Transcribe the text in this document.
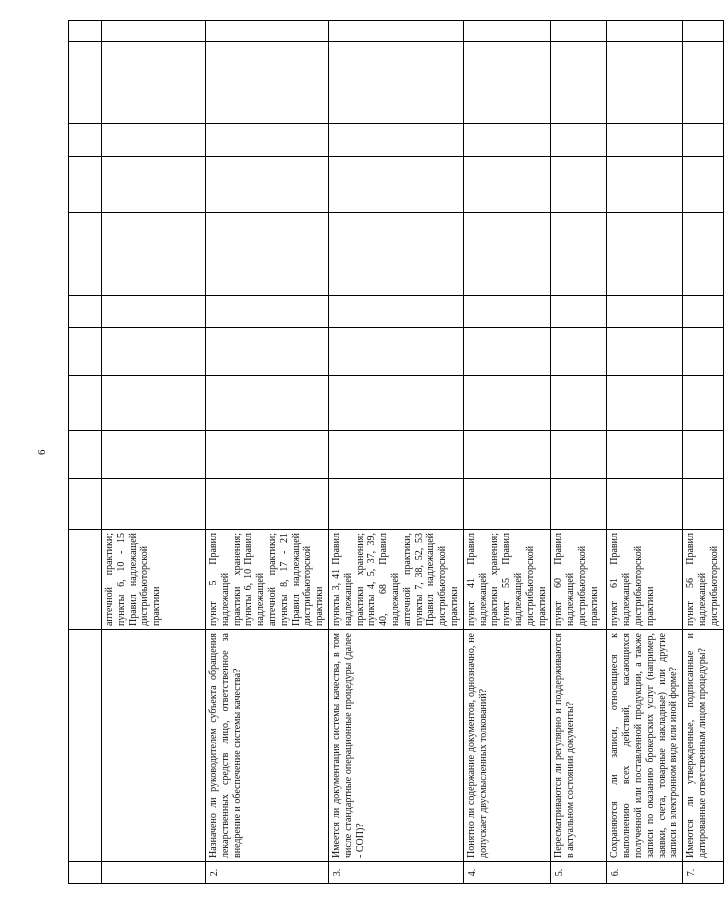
6

		аптечной практики; пункты 6, 10 - 15 Правил надлежащей дистрибьюторской практики										
2.	Назначено ли руководителем субъекта обращения лекарственных средств лицо, ответственное за внедрение и обеспечение системы качества?	пункт 5 Правил надлежащей практики хранения; пункты 6, 10 Правил надлежащей аптечной практики; пункты 8, 17 - 21 Правил надлежащей дистрибьюторской практики										
3.	Имеется ли документация системы качества, в том числе стандартные операционные процедуры (далее - СОП)?	пункты 3, 41 Правил надлежащей практики хранения; пункты 4, 5, 37, 39, 40, 68 Правил надлежащей аптечной практики, пункты 7, 38, 52, 53 Правил надлежащей дистрибьюторской практики										
4.	Понятно ли содержание документов, однозначно, не допускает двусмысленных толкований?	пункт 41 Правил надлежащей практики хранения; пункт 55 Правил надлежащей дистрибьюторской практики										
5.	Пересматриваются ли регулярно и поддерживаются в актуальном состоянии документы?	пункт 60 Правил надлежащей дистрибьюторской практики										
6.	Сохраняются ли записи, относящиеся к выполнению всех действий, касающихся полученной или поставленной продукции, а также записи по оказанию брокерских услуг (например, заявки, счета, товарные накладные) или другие записи в электронном виде или иной форме?	пункт 61 Правил надлежащей дистрибьюторской практики										
7.	Имеются ли утвержденные, подписанные и датированные ответственным лицом процедуры?	пункт 56 Правил надлежащей дистрибьюторской										
